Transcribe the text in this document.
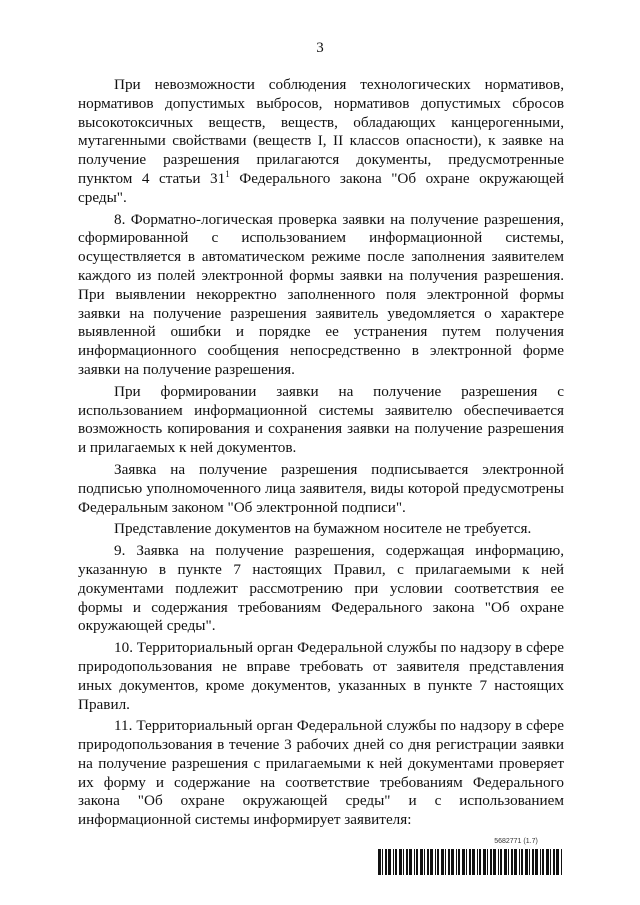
3

При невозможности соблюдения технологических нормативов, нормативов допустимых выбросов, нормативов допустимых сбросов высокотоксичных веществ, веществ, обладающих канцерогенными, мутагенными свойствами (веществ I, II классов опасности), к заявке на получение разрешения прилагаются документы, предусмотренные пунктом 4 статьи $31^1$ Федерального закона "Об охране окружающей среды".

8. Форматно-логическая проверка заявки на получение разрешения, сформированной с использованием информационной системы, осуществляется в автоматическом режиме после заполнения заявителем каждого из полей электронной формы заявки на получения разрешения. При выявлении некорректно заполненного поля электронной формы заявки на получение разрешения заявитель уведомляется о характере выявленной ошибки и порядке ее устранения путем получения информационного сообщения непосредственно в электронной форме заявки на получение разрешения.

При формировании заявки на получение разрешения с использованием информационной системы заявителю обеспечивается возможность копирования и сохранения заявки на получение разрешения и прилагаемых к ней документов.

Заявка на получение разрешения подписывается электронной подписью уполномоченного лица заявителя, виды которой предусмотрены Федеральным законом "Об электронной подписи".

Представление документов на бумажном носителе не требуется.

9. Заявка на получение разрешения, содержащая информацию, указанную в пункте 7 настоящих Правил, с прилагаемыми к ней документами подлежит рассмотрению при условии соответствия ее формы и содержания требованиям Федерального закона "Об охране окружающей среды".

10. Территориальный орган Федеральной службы по надзору в сфере природопользования не вправе требовать от заявителя представления иных документов, кроме документов, указанных в пункте 7 настоящих Правил.

11. Территориальный орган Федеральной службы по надзору в сфере природопользования в течение 3 рабочих дней со дня регистрации заявки на получение разрешения с прилагаемыми к ней документами проверяет их форму и содержание на соответствие требованиям Федерального закона "Об охране окружающей среды" и с использованием информационной системы информирует заявителя:

5682771 (1.7)
